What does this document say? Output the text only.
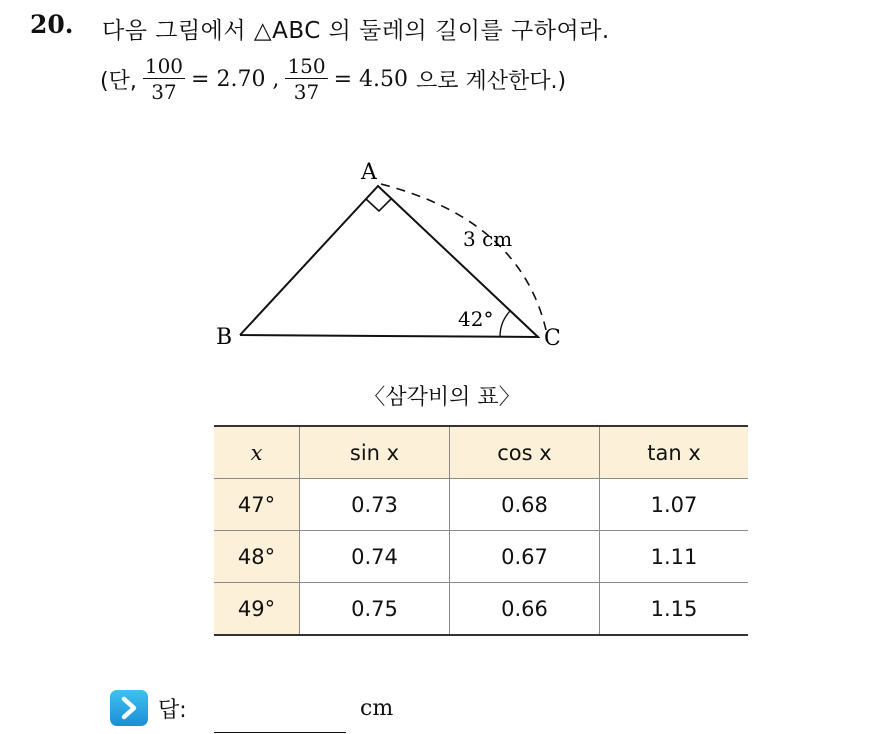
20. 다음 그림에서 △ABC 의 둘레의 길이를 구하여라.
(단, $\frac{100}{37} = 2.70$ , $\frac{150}{37} = 4.50$ 으로 계산한다.)
A
B	C
3 cm
42°
〈삼각비의 표〉
x	sin x	cos x	tan x
47°	0.73	0.68	1.07
48°	0.74	0.67	1.11
49°	0.75	0.66	1.15
답:	cm
